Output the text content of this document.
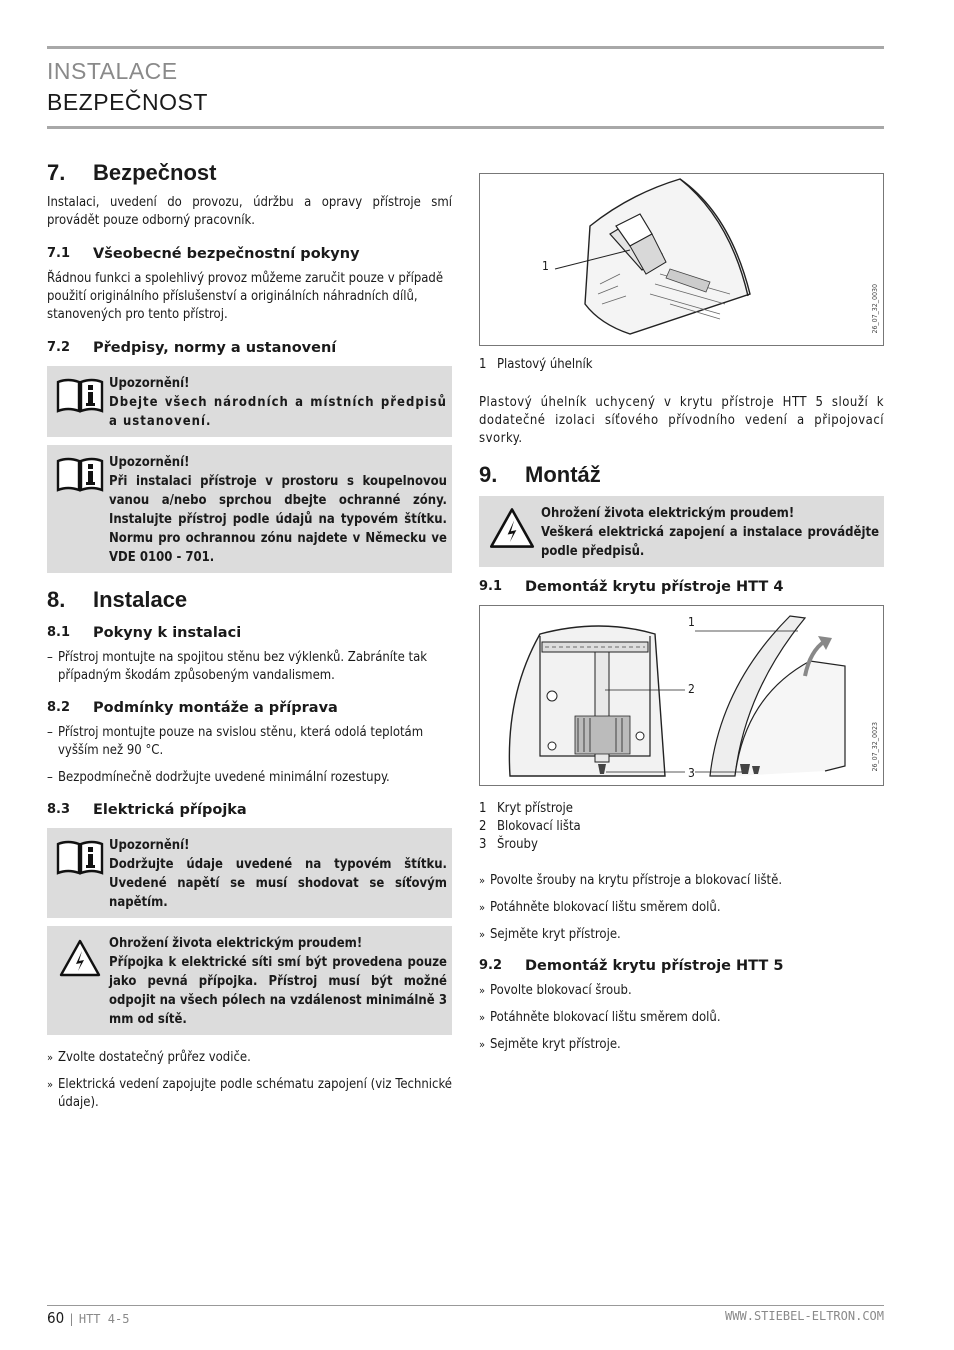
INSTALACE
BEZPEČNOST
7.	Bezpečnost

Instalaci, uvedení do provozu, údržbu a opravy přístroje smí provádět pouze odborný pracovník.

7.1	Všeobecné bezpečnostní pokyny

Řádnou funkci a spolehlivý provoz můžeme zaručit pouze v případě použití originálního příslušenství a originálních náhradních dílů, stanovených pro tento přístroj.

7.2	Předpisy, normy a ustanovení
Upozornění!
Dbejte všech národních a místních předpisů a ustanovení.
Upozornění!
Při instalaci přístroje v prostoru s koupelnovou vanou a/nebo sprchou dbejte ochranné zóny. Instalujte přístroj podle údajů na typovém štítku. Normu pro ochrannou zónu najdete v Německu ve VDE 0100 - 701.
8.	Instalace
8.1	Pokyny k instalaci
– Přístroj montujte na spojitou stěnu bez výklenků. Zabráníte tak případným škodám způsobeným vandalismem.
8.2	Podmínky montáže a příprava
– Přístroj montujte pouze na svislou stěnu, která odolá teplotám vyšším než 90 °C.
– Bezpodmínečně dodržujte uvedené minimální rozestupy.
8.3	Elektrická přípojka
Upozornění!
Dodržujte údaje uvedené na typovém štítku. Uvedené napětí se musí shodovat se síťovým napětím.
Ohrožení života elektrickým proudem!
Přípojka k elektrické síti smí být provedena pouze jako pevná přípojka. Přístroj musí být možné odpojit na všech pólech na vzdálenost minimálně 3 mm od sítě.
» Zvolte dostatečný průřez vodiče.
» Elektrická vedení zapojujte podle schématu zapojení (viz Technické údaje).
1
26_07_32_0030
1 Plastový úhelník

Plastový úhelník uchycený v krytu přístroje HTT 5 slouží k dodatečné izolaci síťového přívodního vedení a připojovací svorky.

9.	Montáž
Ohrožení života elektrickým proudem!
Veškerá elektrická zapojení a instalace provádějte podle předpisů.
9.1	Demontáž krytu přístroje HTT 4
1
2
3
26_07_32_0023
1 Kryt přístroje
2 Blokovací lišta
3 Šrouby
» Povolte šrouby na krytu přístroje a blokovací liště.
» Potáhněte blokovací lištu směrem dolů.
» Sejměte kryt přístroje.
9.2	Demontáž krytu přístroje HTT 5
» Povolte blokovací šroub.
» Potáhněte blokovací lištu směrem dolů.
» Sejměte kryt přístroje.
60 | HTT 4-5	WWW.STIEBEL-ELTRON.COM
